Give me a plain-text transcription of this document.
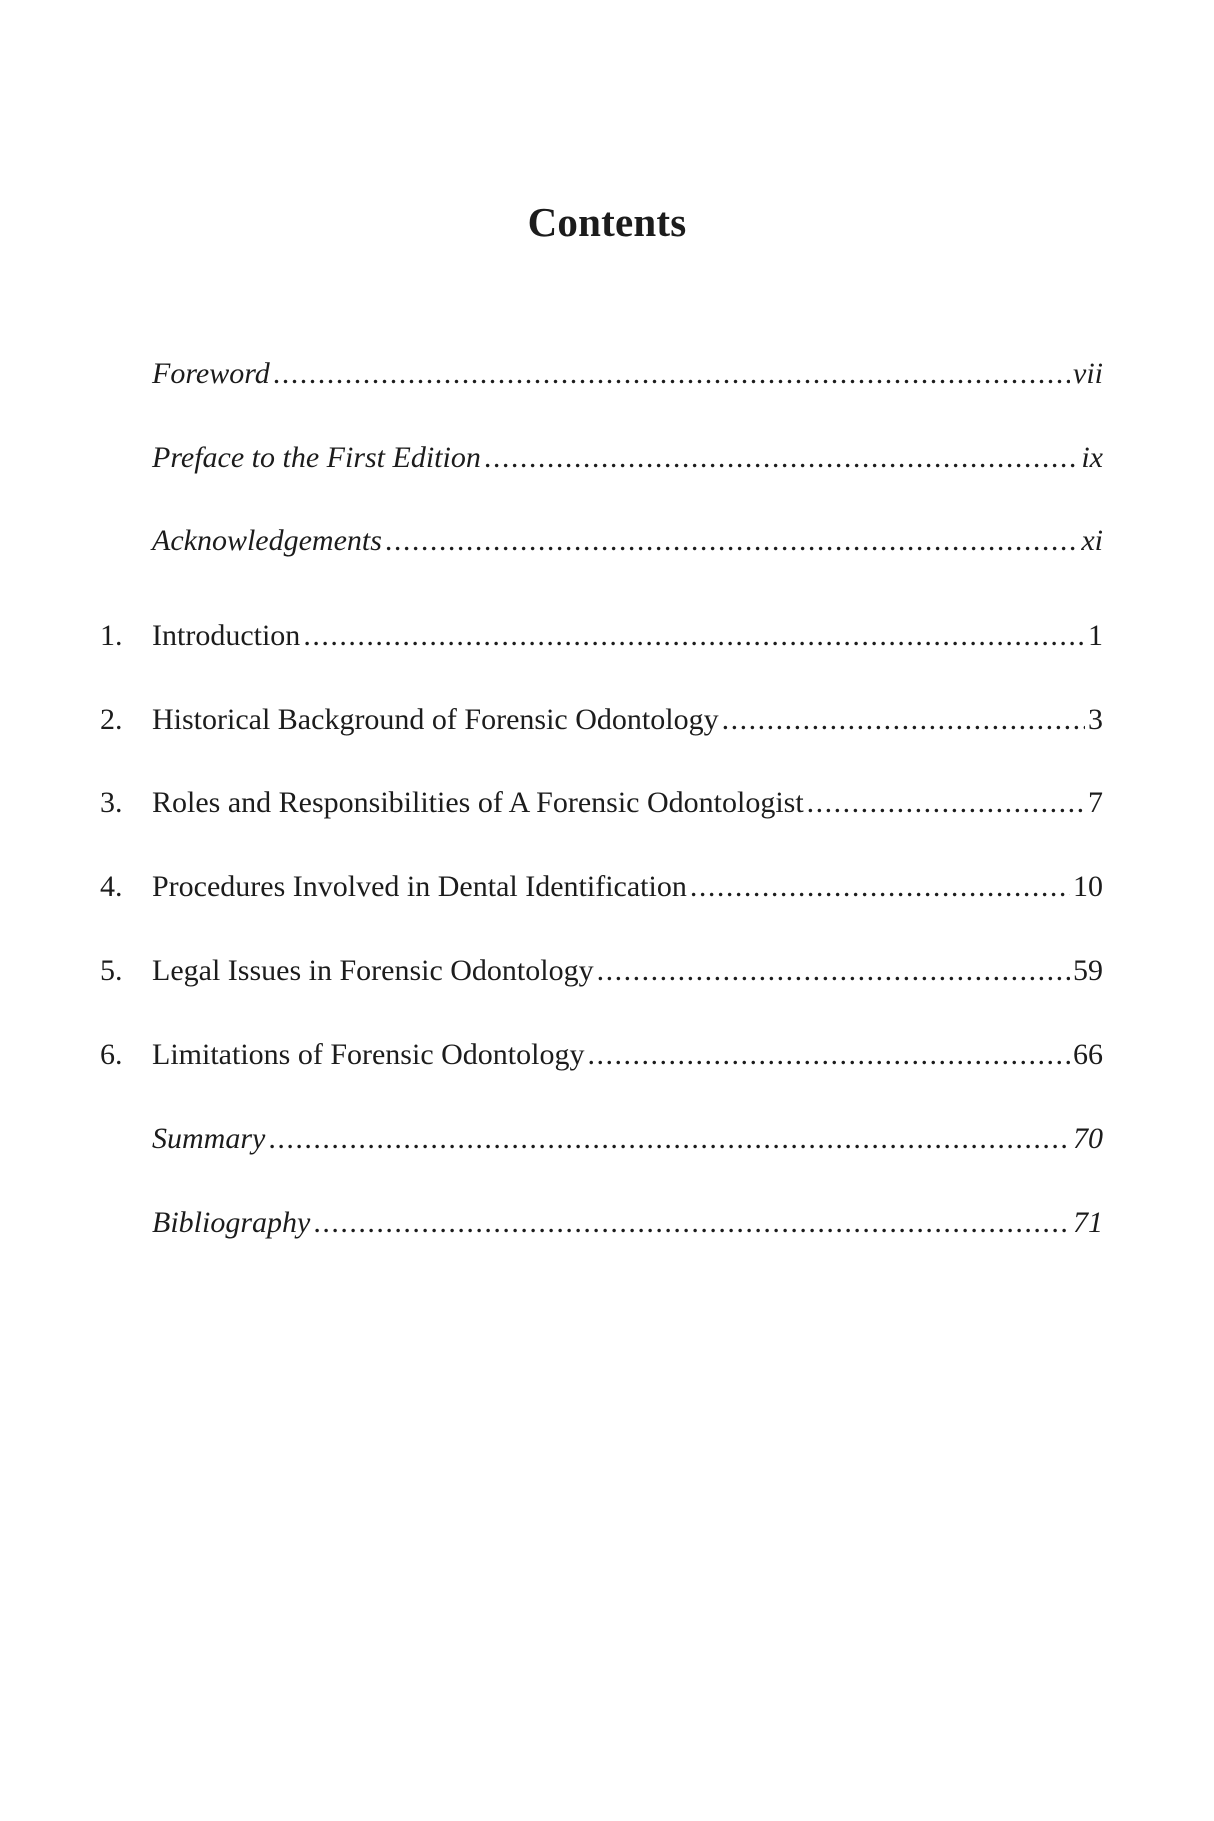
Contents
Foreword .....	vii
Preface to the First Edition .....	ix
Acknowledgements .....	xi
1. Introduction .....	1
2. Historical Background of Forensic Odontology .....	3
3. Roles and Responsibilities of A Forensic Odontologist .....	7
4. Procedures Involved in Dental Identification .....	10
5. Legal Issues in Forensic Odontology .....	59
6. Limitations of Forensic Odontology .....	66
Summary .....	70
Bibliography .....	71
